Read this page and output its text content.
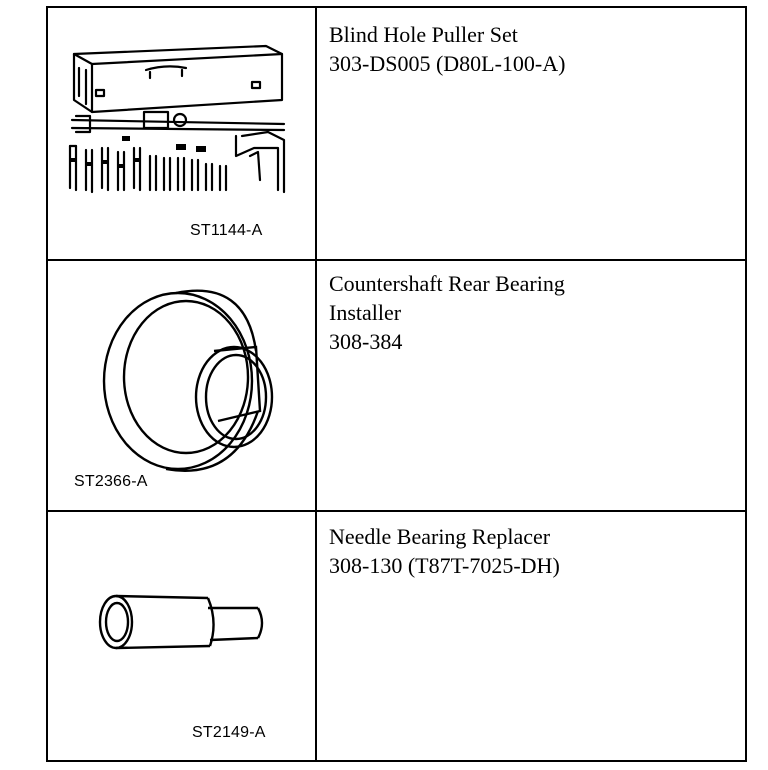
ST1144-A
Blind Hole Puller Set
303-DS005 (D80L-100-A)
ST2366-A
Countershaft Rear Bearing
Installer
308-384
ST2149-A
Needle Bearing Replacer
308-130 (T87T-7025-DH)
